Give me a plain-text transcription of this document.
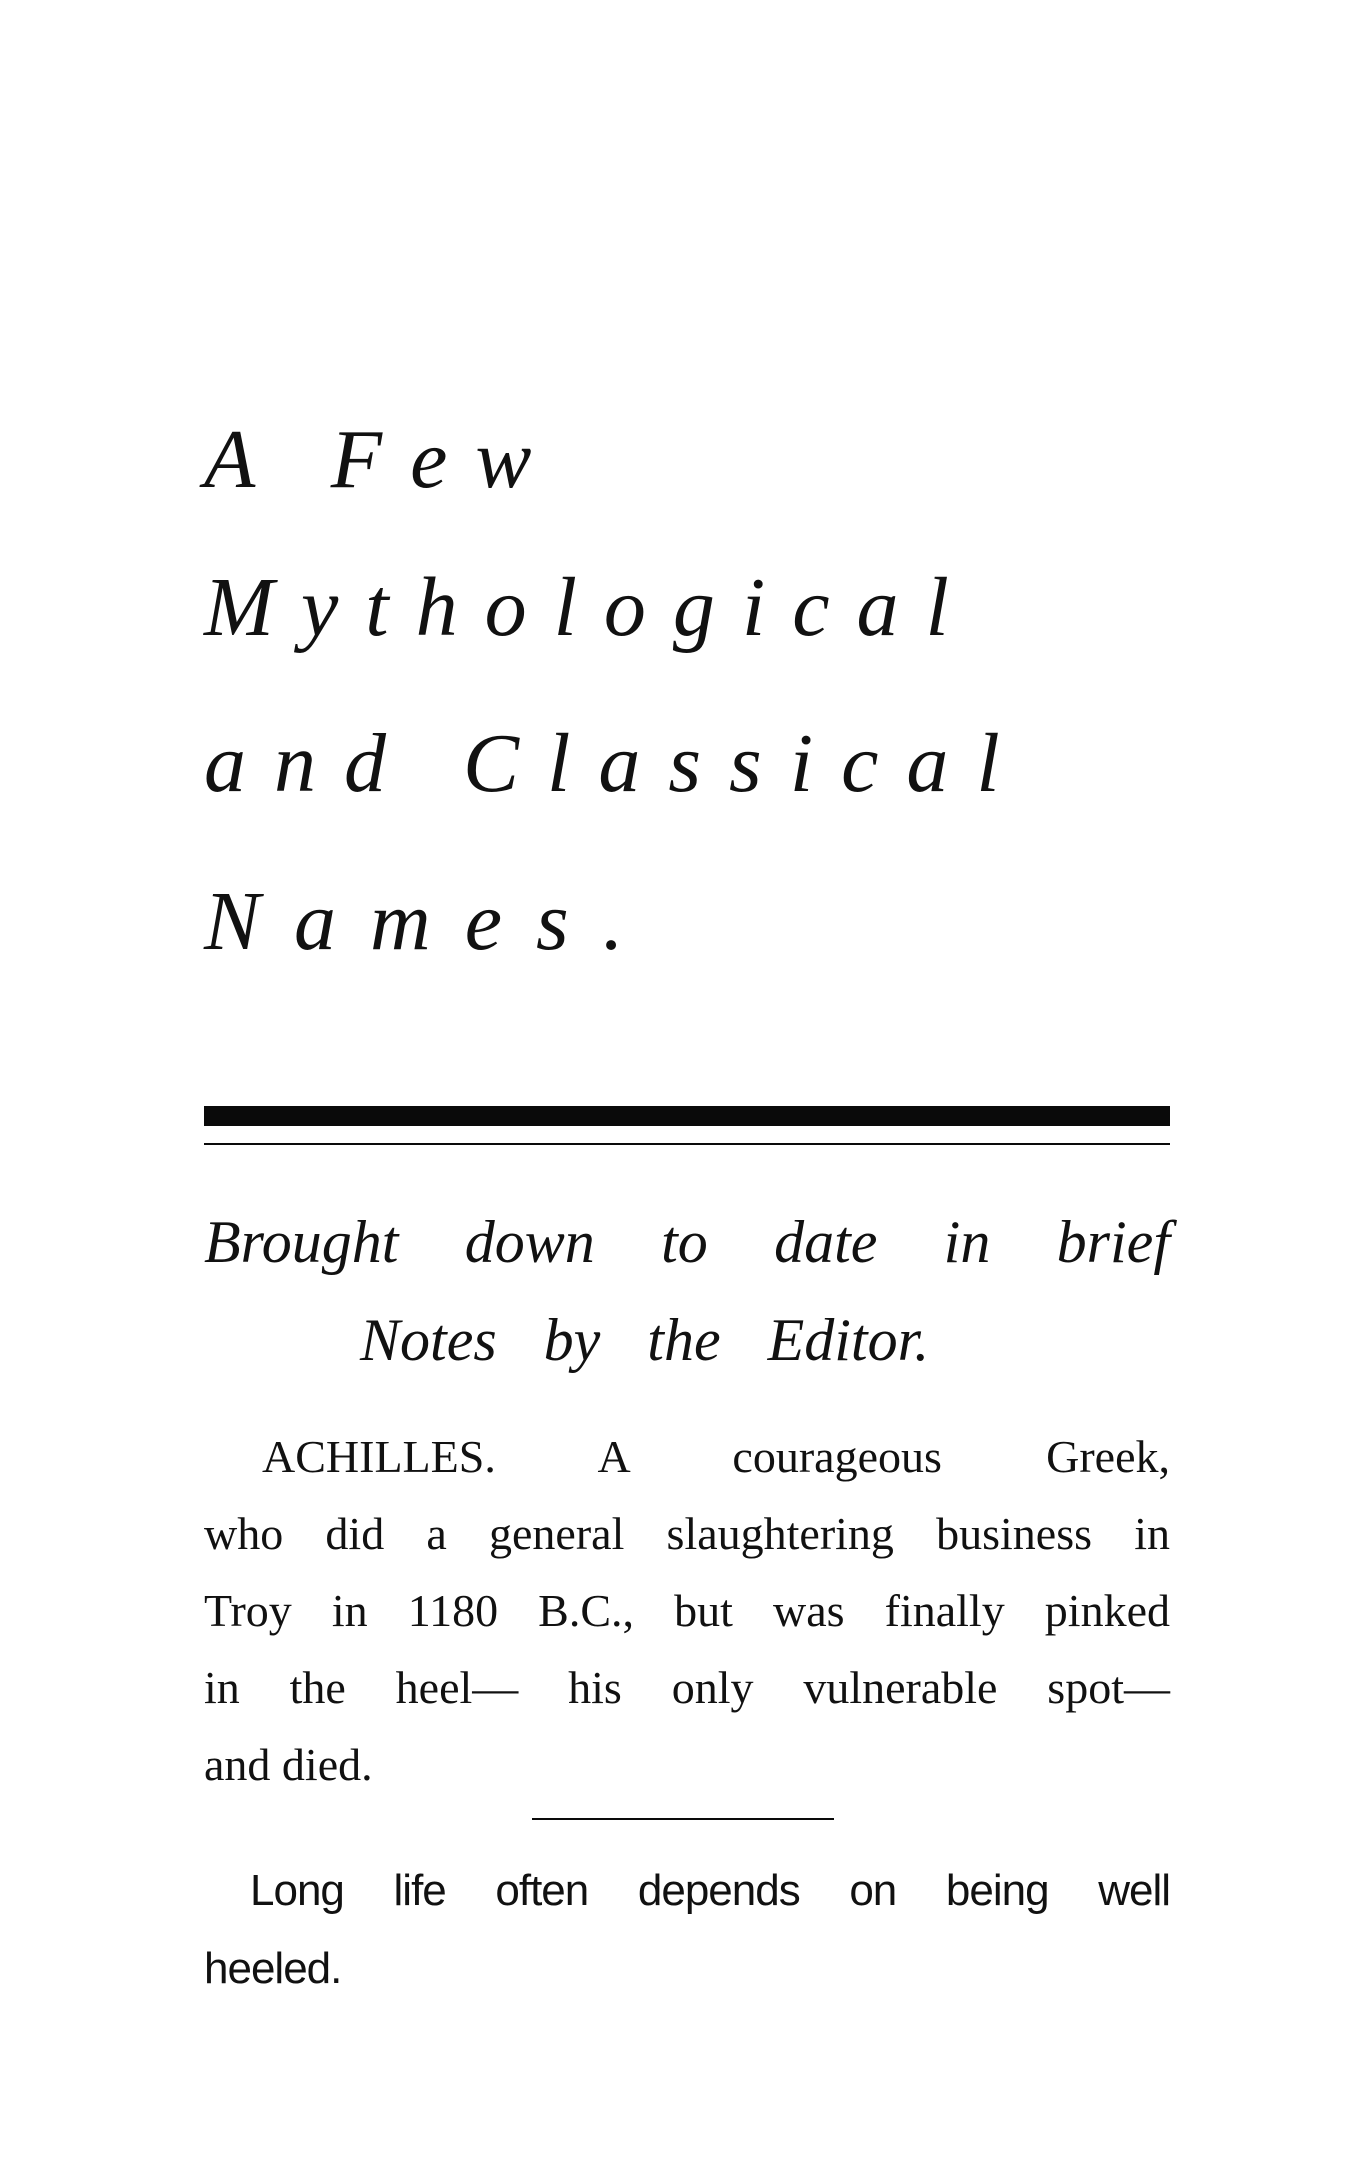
A Few
Mythological
and Classical
Names.
Brought down to date in brief
Notes by the Editor.
ACHILLES. A courageous Greek,
who did a general slaughtering business in
Troy in 1180 B.C., but was finally pinked
in the heel— his only vulnerable spot—
and died.
Long life often depends on being well
heeled.
